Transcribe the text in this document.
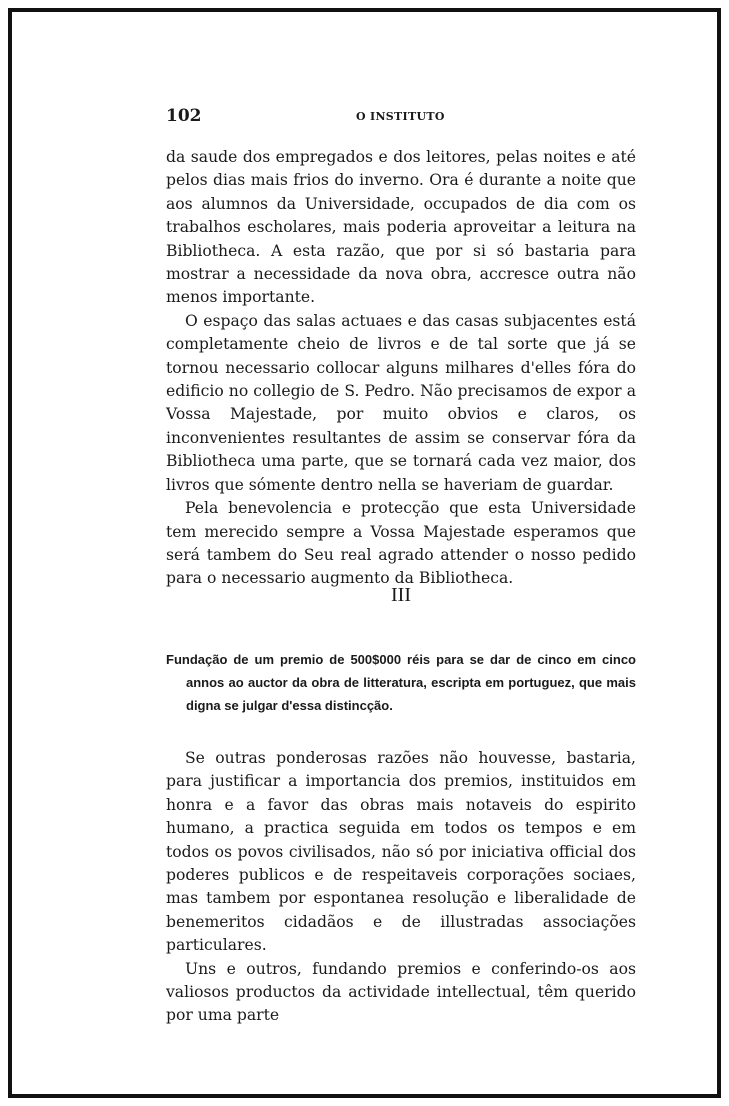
102	O INSTITUTO

da saude dos empregados e dos leitores, pelas noites e até pelos dias mais frios do inverno. Ora é durante a noite que aos alumnos da Universidade, occupados de dia com os trabalhos escholares, mais poderia aproveitar a leitura na Bibliotheca. A esta razão, que por si só bastaria para mostrar a necessidade da nova obra, accresce outra não menos importante.

O espaço das salas actuaes e das casas subjacentes está completamente cheio de livros e de tal sorte que já se tornou necessario collocar alguns milhares d'elles fóra do edificio no collegio de S. Pedro. Não precisamos de expor a Vossa Majestade, por muito obvios e claros, os inconvenientes resultantes de assim se conservar fóra da Bibliotheca uma parte, que se tornará cada vez maior, dos livros que sómente dentro nella se haveriam de guardar.

Pela benevolencia e protecção que esta Universidade tem merecido sempre a Vossa Majestade esperamos que será tambem do Seu real agrado attender o nosso pedido para o necessario augmento da Bibliotheca.

III
Fundação de um premio de 500$000 réis para se dar de cinco em cinco annos ao auctor da obra de litteratura, escripta em portuguez, que mais digna se julgar d'essa distincção.

Se outras ponderosas razões não houvesse, bastaria, para justificar a importancia dos premios, instituidos em honra e a favor das obras mais notaveis do espirito humano, a practica seguida em todos os tempos e em todos os povos civilisados, não só por iniciativa official dos poderes publicos e de respeitaveis corporações sociaes, mas tambem por espontanea resolução e liberalidade de benemeritos cidadãos e de illustradas associações particulares.

Uns e outros, fundando premios e conferindo-os aos valiosos productos da actividade intellectual, têm querido por uma parte
